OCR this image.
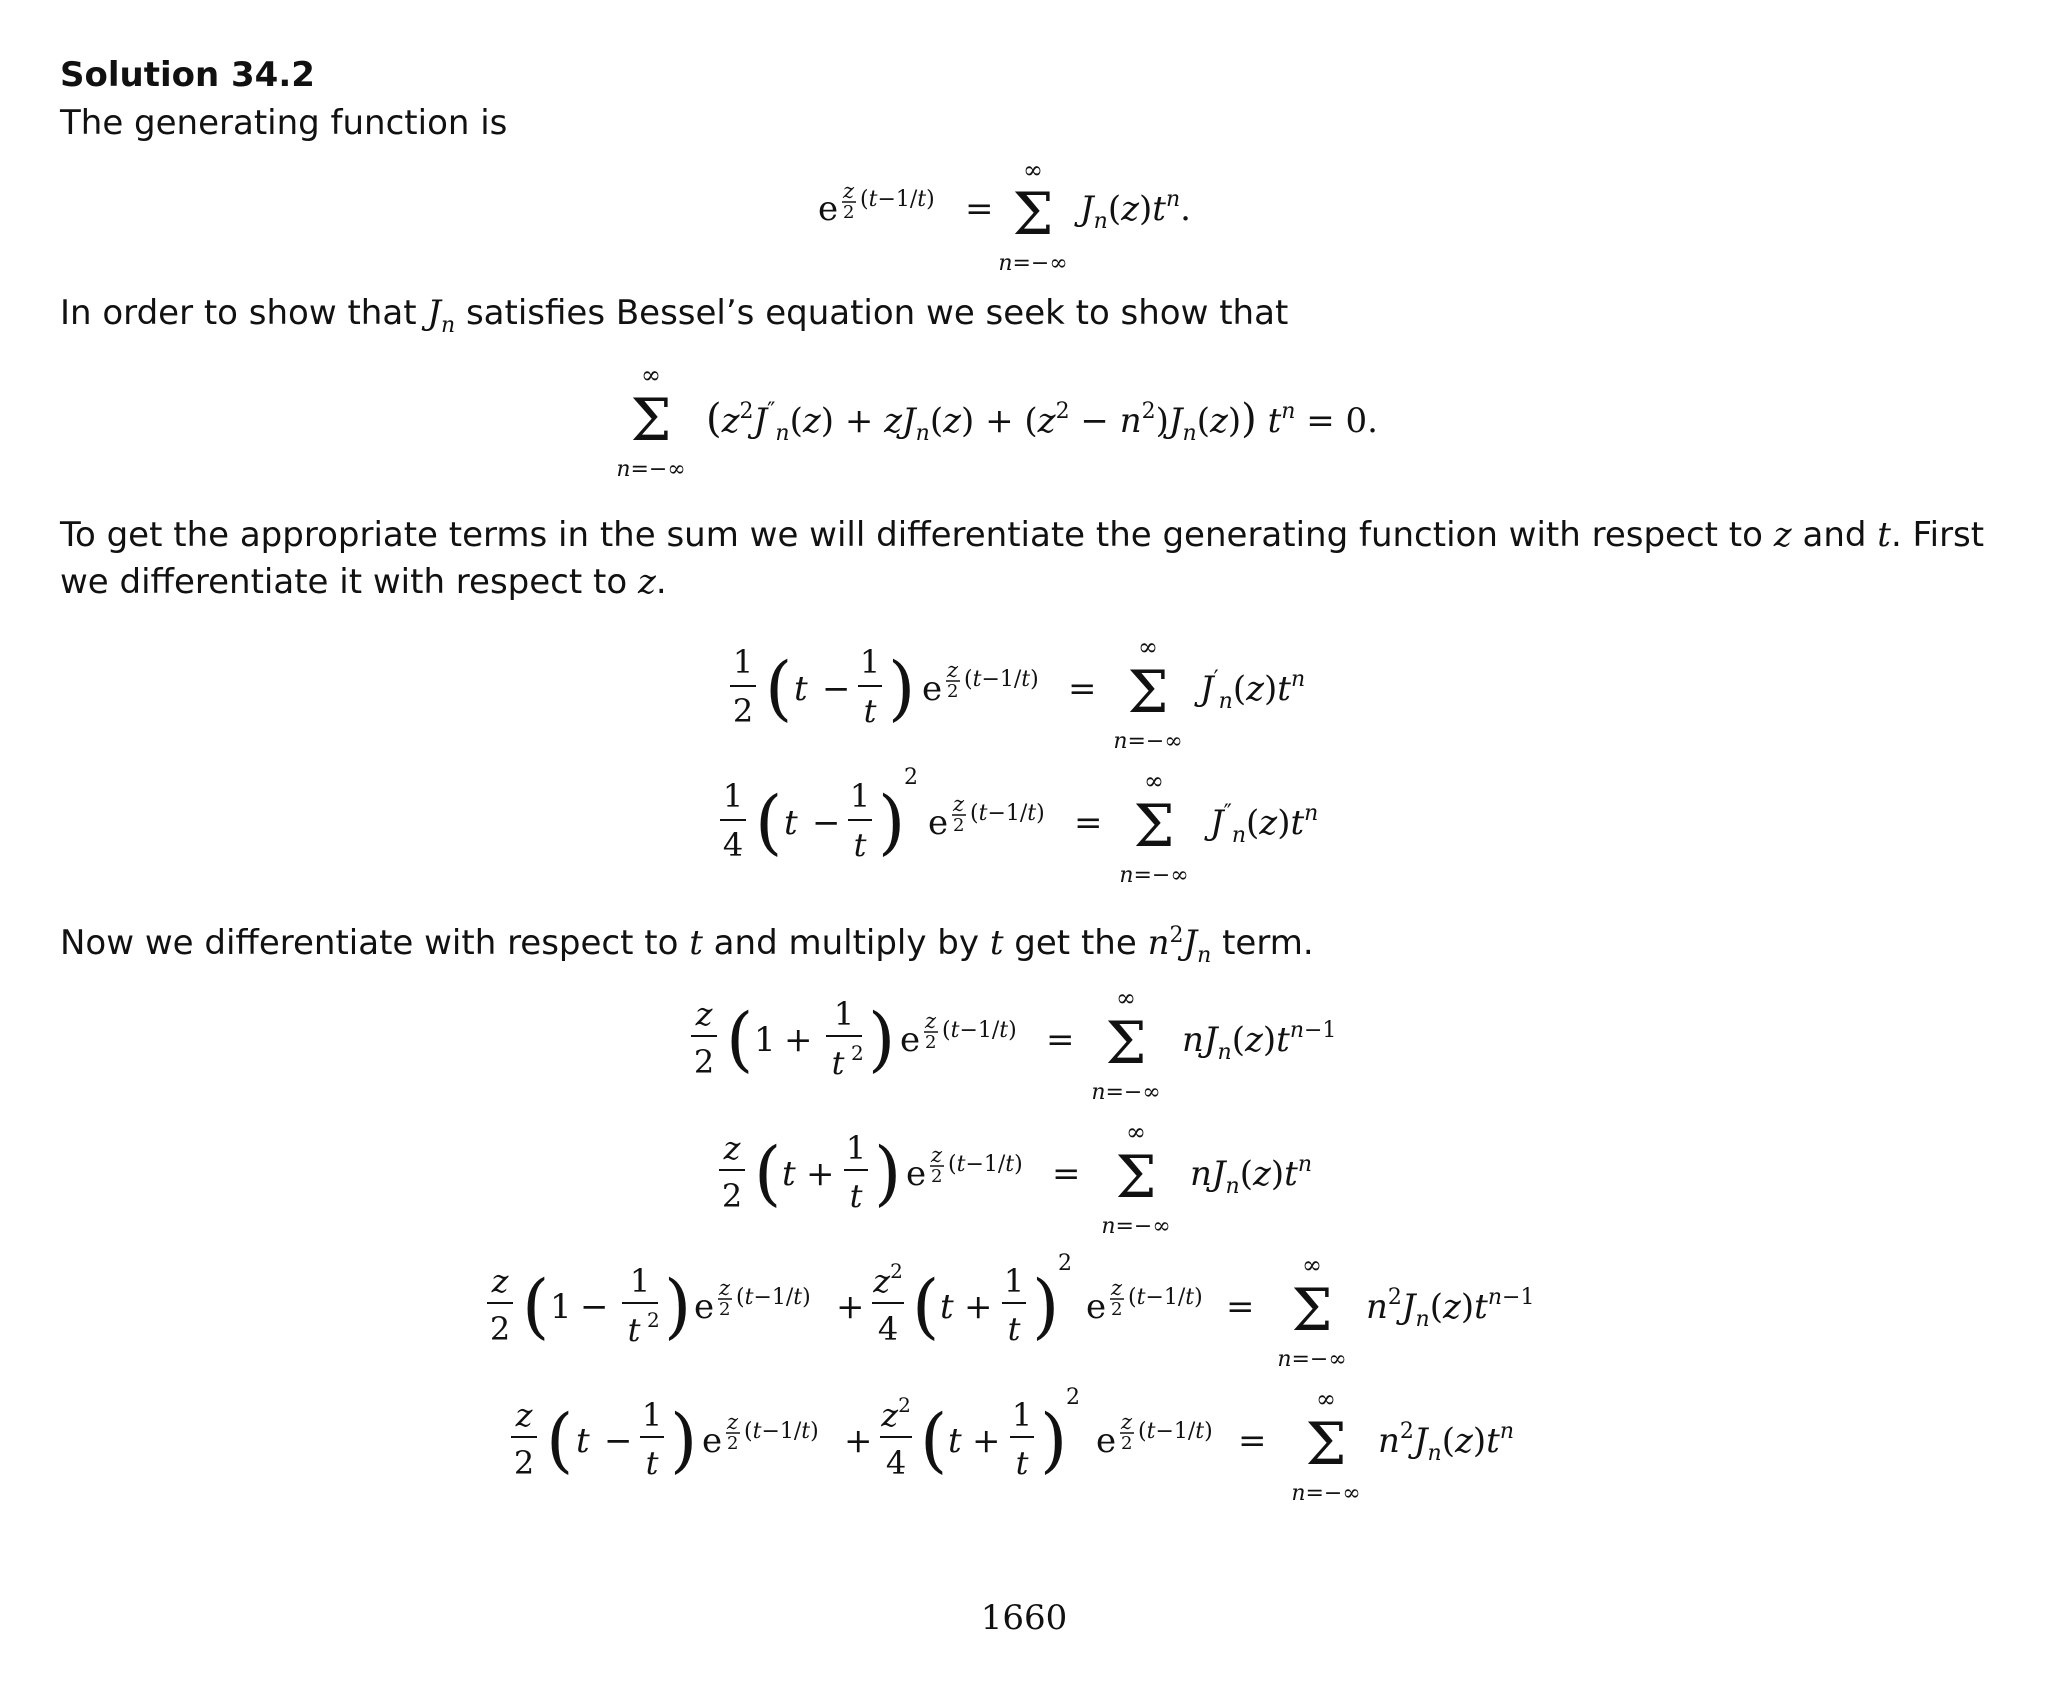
Solution 34.2
The generating function is
In order to show that $J_n$ satisfies Bessel’s equation we seek to show that
To get the appropriate terms in the sum we will differentiate the generating function with respect to z and t. First we differentiate it with respect to z.
Now we differentiate with respect to t and multiply by t get the $n^2J_n$ term.
e z
2
(t−1/t) =
∞
Σ
n=−∞
$J_n(z)t^n$.
∞
Σ
n=−∞
$(z^2J''_n(z) + zJ_n(z) + (z^2 - n^2)J_n(z)) t^n = 0$.
1
2 ( t −
1
t ) e z
2 (t−1/t) =
∞
Σ
n=−∞
$J'_n(z)t^n$
1
4 ( t −
1
t )
2
e z
2 (t−1/t) =
∞
Σ
n=−∞
$J''_n(z)t^n$
z
2 ( 1 +
1
t 2 ) e z
2 (t−1/t) =
∞
Σ
n=−∞
$nJ_n(z)t^{n-1}$
z
2 ( t +
1
t ) e z
2 (t−1/t) =
∞
Σ
n=−∞
$nJ_n(z)t^n$
z
2 ( 1 −
1
t 2 ) e z
2 (t−1/t) +
$z^2$
4 ( t +
1
t )
2
e z
2 (t−1/t) =
∞
Σ
n=−∞
$n^2J_n(z)t^{n-1}$
z
2 ( t −
1
t ) e z
2 (t−1/t) +
$z^2$
4 ( t +
1
t )
2
e z
2 (t−1/t) =
∞
Σ
n=−∞
$n^2J_n(z)t^n$
1660
